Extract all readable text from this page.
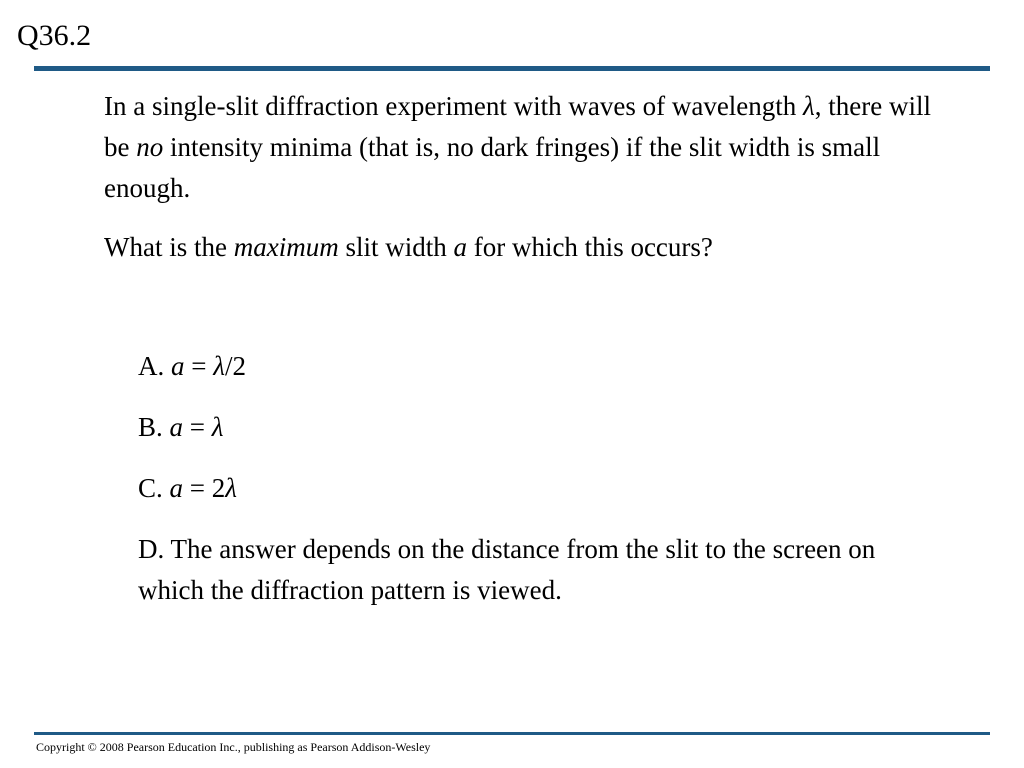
Q36.2

In a single-slit diffraction experiment with waves of wavelength λ, there will be no intensity minima (that is, no dark fringes) if the slit width is small enough.

What is the maximum slit width a for which this occurs?

A. a = λ/2

B. a = λ

C. a = 2λ

D. The answer depends on the distance from the slit to the screen on which the diffraction pattern is viewed.

Copyright © 2008 Pearson Education Inc., publishing as Pearson Addison-Wesley
